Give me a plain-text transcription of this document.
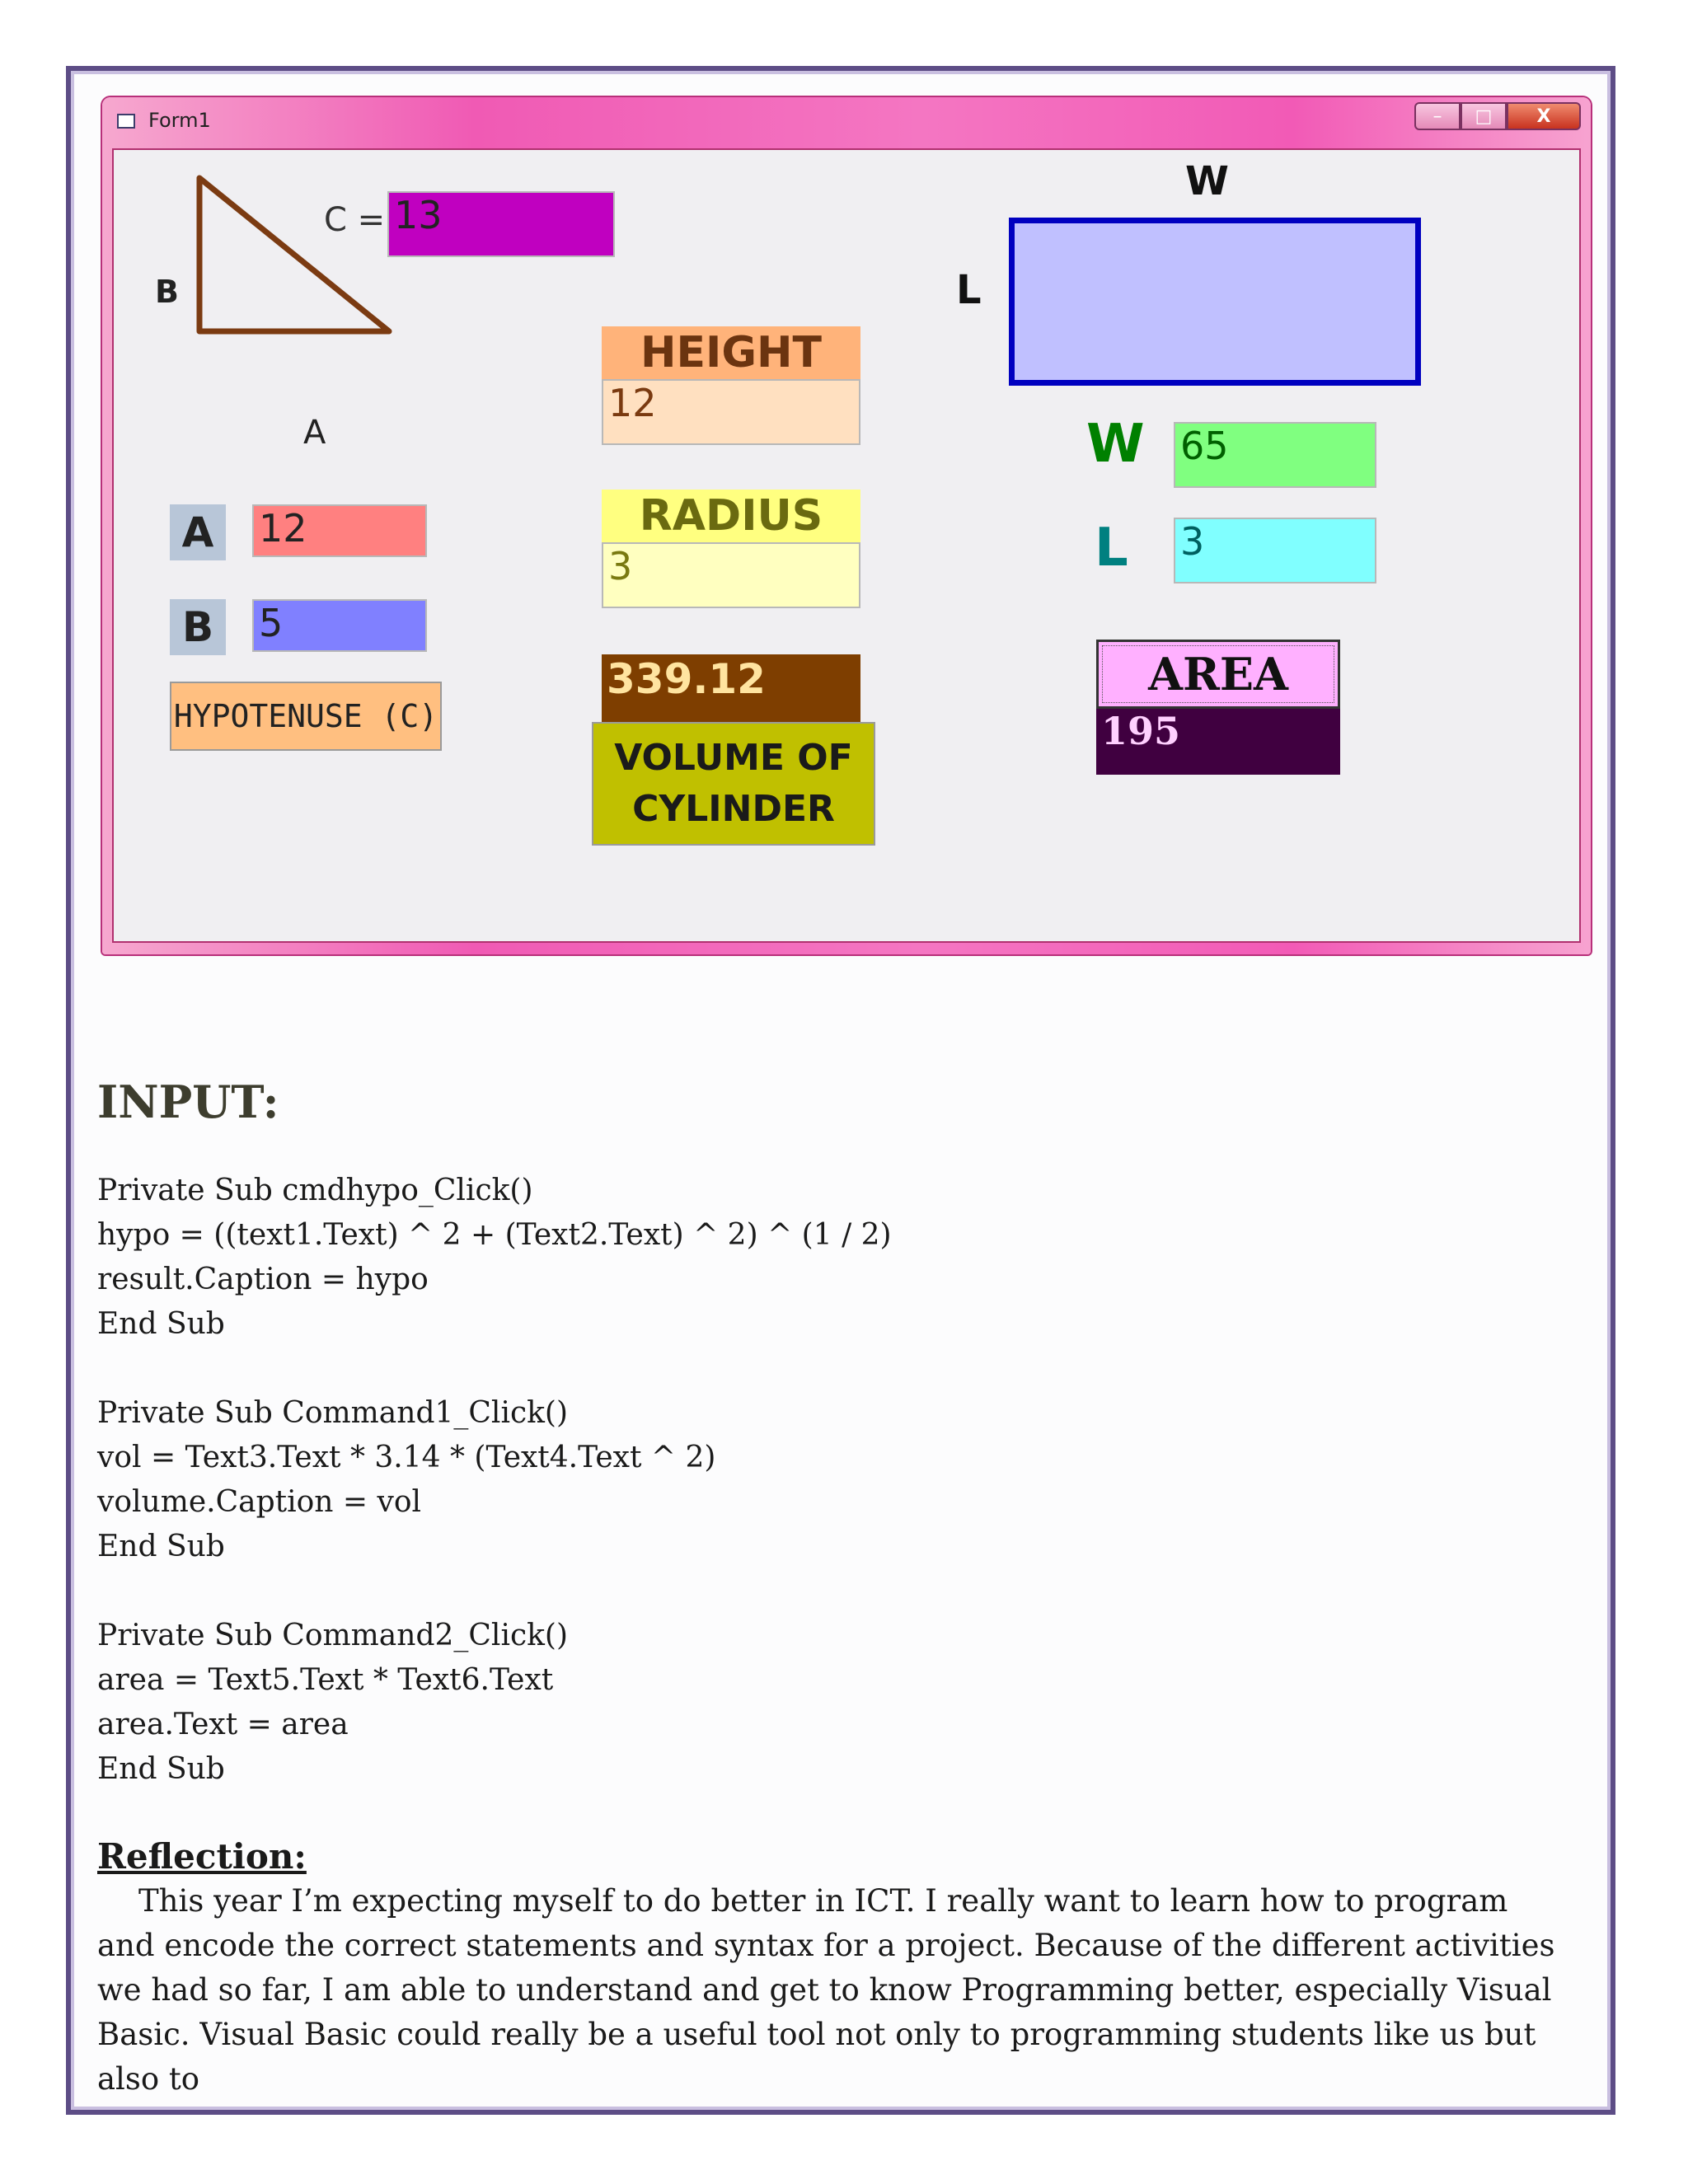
Form1	–	□	X
B
A
C = 13
A	12
B	5
HYPOTENUSE (C)
HEIGHT
12
RADIUS
3
339.12
VOLUME OF CYLINDER
W
L
W 65
L 3
AREA
195
INPUT:
Private Sub cmdhypo_Click()
hypo = ((text1.Text) ^ 2 + (Text2.Text) ^ 2) ^ (1 / 2)
result.Caption = hypo
End Sub
Private Sub Command1_Click()
vol = Text3.Text * 3.14 * (Text4.Text ^ 2)
volume.Caption = vol
End Sub
Private Sub Command2_Click()
area = Text5.Text * Text6.Text
area.Text = area
End Sub
Reflection:
This year I’m expecting myself to do better in ICT. I really want to learn how to program and encode the correct statements and syntax for a project. Because of the different activities we had so far, I am able to understand and get to know Programming better, especially Visual Basic. Visual Basic could really be a useful tool not only to programming students like us but also to
